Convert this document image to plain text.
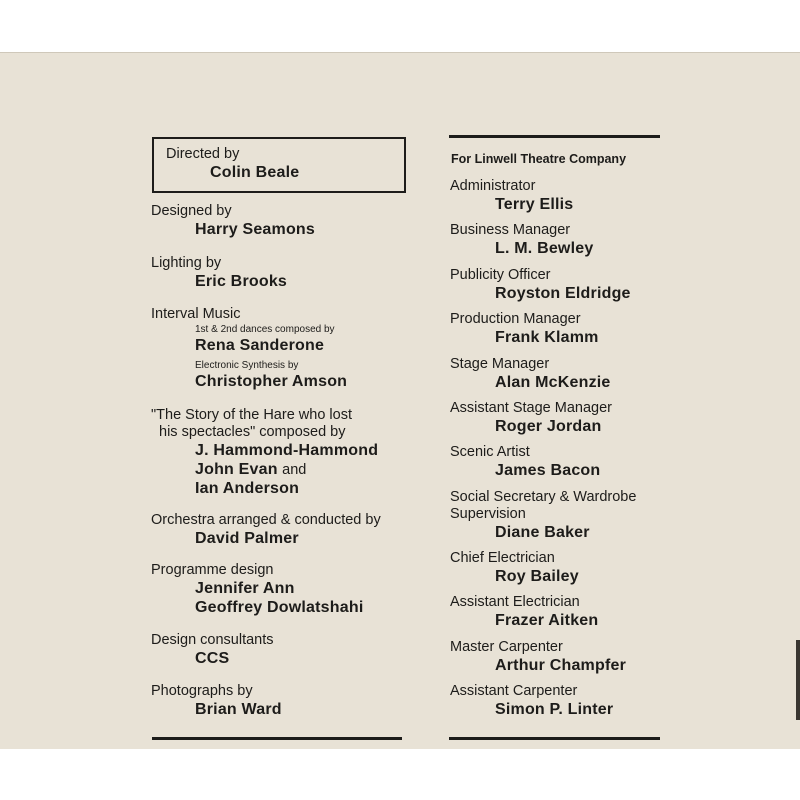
Directed by
Colin Beale
Designed by
Harry Seamons
Lighting by
Eric Brooks
Interval Music
1st & 2nd dances composed by
Rena Sanderone
Electronic Synthesis by
Christopher Amson
"The Story of the Hare who lost
his spectacles" composed by
J. Hammond-Hammond
John Evan and
Ian Anderson
Orchestra arranged & conducted by
David Palmer
Programme design
Jennifer Ann
Geoffrey Dowlatshahi
Design consultants
CCS
Photographs by
Brian Ward
For Linwell Theatre Company
Administrator
Terry Ellis
Business Manager
L. M. Bewley
Publicity Officer
Royston Eldridge
Production Manager
Frank Klamm
Stage Manager
Alan McKenzie
Assistant Stage Manager
Roger Jordan
Scenic Artist
James Bacon
Social Secretary & Wardrobe
Supervision
Diane Baker
Chief Electrician
Roy Bailey
Assistant Electrician
Frazer Aitken
Master Carpenter
Arthur Champfer
Assistant Carpenter
Simon P. Linter
